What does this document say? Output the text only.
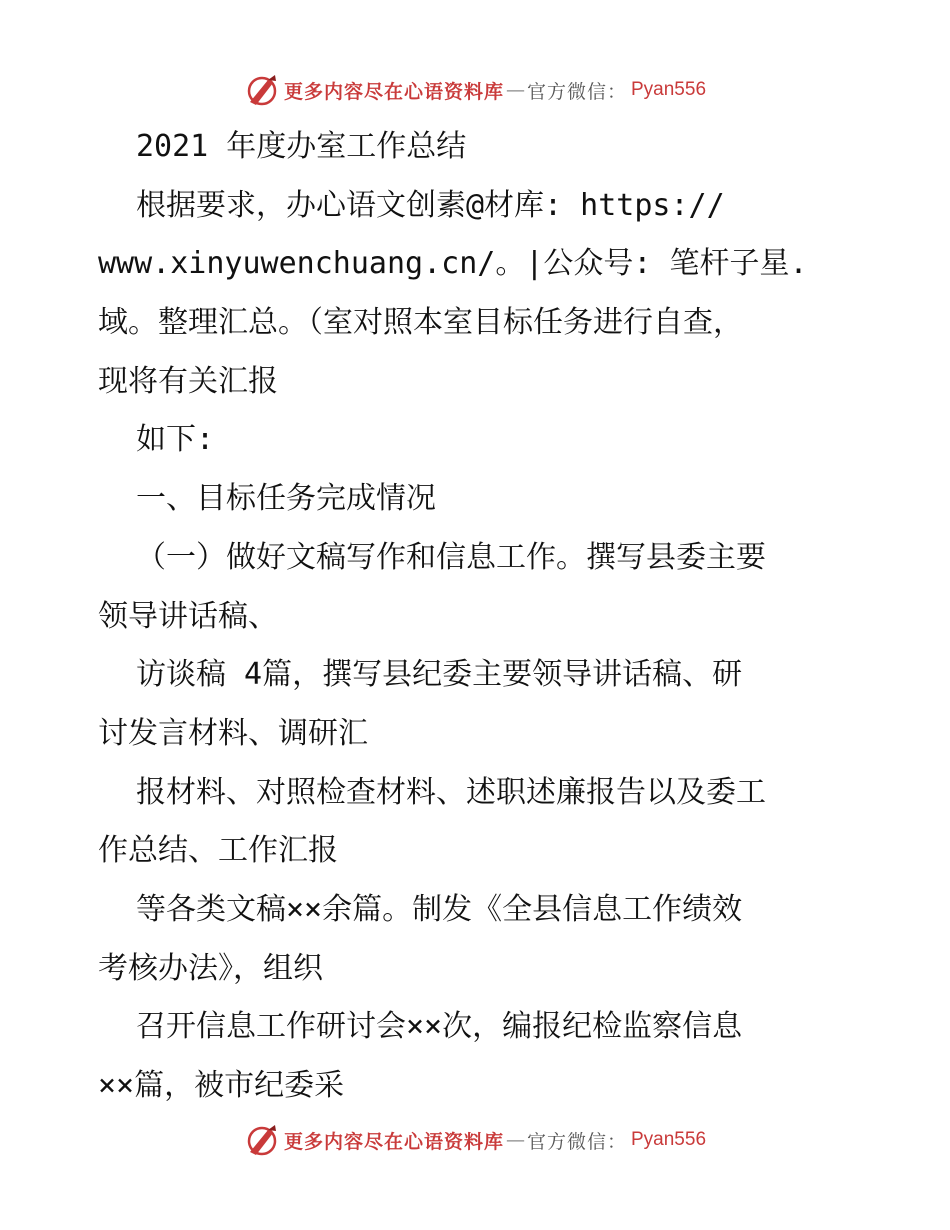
更多内容尽在心语资料库 — 官方微信： Pyan556
2021 年度办室工作总结
根据要求，办心语文创素@材库: https://
www.xinyuwenchuang.cn/。|公众号: 笔杆子星.
域。整理汇总。（室对照本室目标任务进行自查，
现将有关汇报
如下:
一、目标任务完成情况
（一）做好文稿写作和信息工作。撰写县委主要
领导讲话稿、
访谈稿 4篇，撰写县纪委主要领导讲话稿、研
讨发言材料、调研汇
报材料、对照检查材料、述职述廉报告以及委工
作总结、工作汇报
等各类文稿××余篇。制发《全县信息工作绩效
考核办法》，组织
召开信息工作研讨会××次，编报纪检监察信息
××篇，被市纪委采
更多内容尽在心语资料库 — 官方微信： Pyan556
